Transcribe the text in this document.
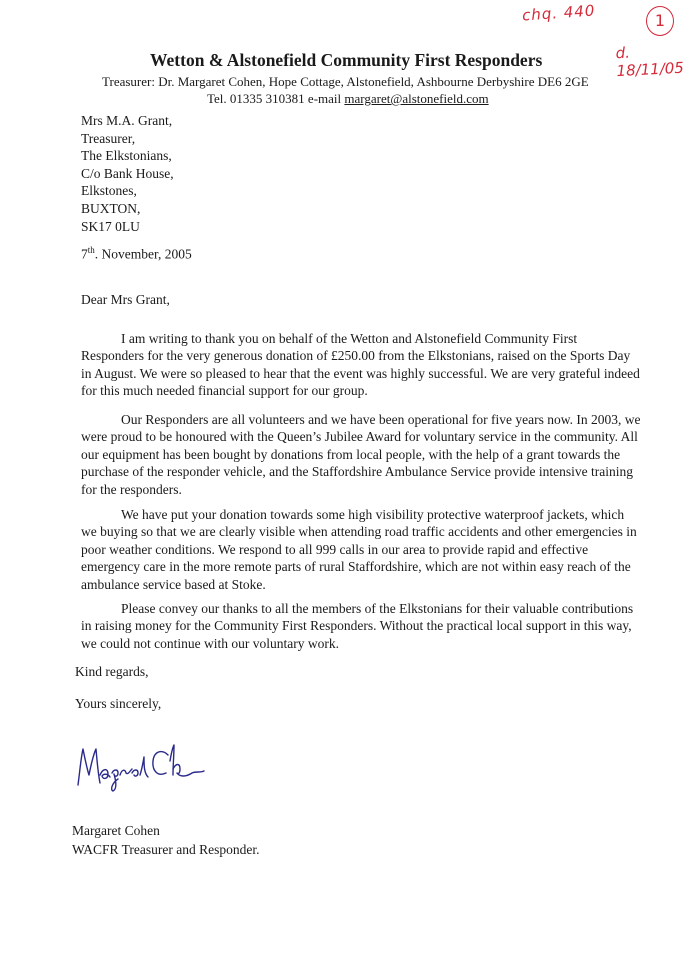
chq. 440	1
d. 18/11/05
Wetton & Alstonefield Community First Responders
Treasurer: Dr. Margaret Cohen, Hope Cottage, Alstonefield, Ashbourne Derbyshire DE6 2GE
Tel. 01335 310381 e-mail margaret@alstonefield.com
Mrs M.A. Grant,
Treasurer,
The Elkstonians,
C/o Bank House,
Elkstones,
BUXTON,
SK17 0LU
7th. November, 2005
Dear Mrs Grant,
I am writing to thank you on behalf of the Wetton and Alstonefield Community First Responders for the very generous donation of £250.00 from the Elkstonians, raised on the Sports Day in August. We were so pleased to hear that the event was highly successful. We are very grateful indeed for this much needed financial support for our group.
Our Responders are all volunteers and we have been operational for five years now. In 2003, we were proud to be honoured with the Queen’s Jubilee Award for voluntary service in the community. All our equipment has been bought by donations from local people, with the help of a grant towards the purchase of the responder vehicle, and the Staffordshire Ambulance Service provide intensive training for the responders.
We have put your donation towards some high visibility protective waterproof jackets, which we buying so that we are clearly visible when attending road traffic accidents and other emergencies in poor weather conditions. We respond to all 999 calls in our area to provide rapid and effective emergency care in the more remote parts of rural Staffordshire, which are not within easy reach of the ambulance service based at Stoke.
Please convey our thanks to all the members of the Elkstonians for their valuable contributions in raising money for the Community First Responders. Without the practical local support in this way, we could not continue with our voluntary work.
Kind regards,
Yours sincerely,
Margaret Cohen
WACFR Treasurer and Responder.
